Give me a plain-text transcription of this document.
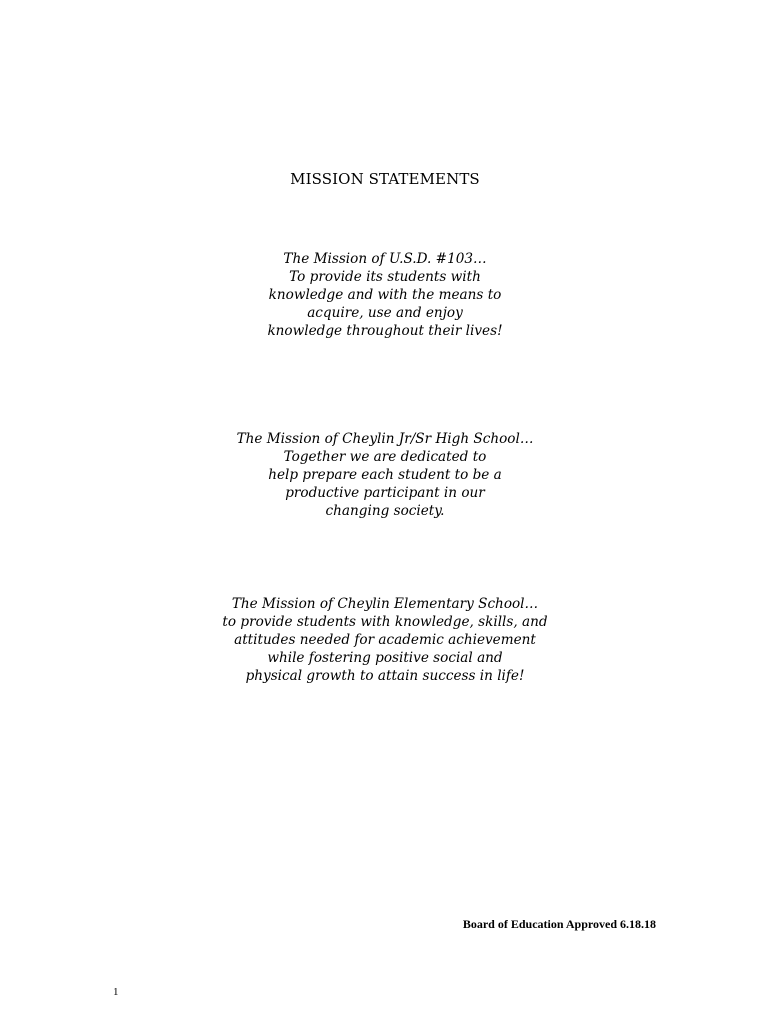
MISSION STATEMENTS
The Mission of U.S.D. #103…
To provide its students with
knowledge and with the means to
acquire, use and enjoy
knowledge throughout their lives!
The Mission of Cheylin Jr/Sr High School…
Together we are dedicated to
help prepare each student to be a
productive participant in our
changing society.
The Mission of Cheylin Elementary School…
to provide students with knowledge, skills, and
attitudes needed for academic achievement
while fostering positive social and
physical growth to attain success in life!
Board of Education Approved 6.18.18
1
